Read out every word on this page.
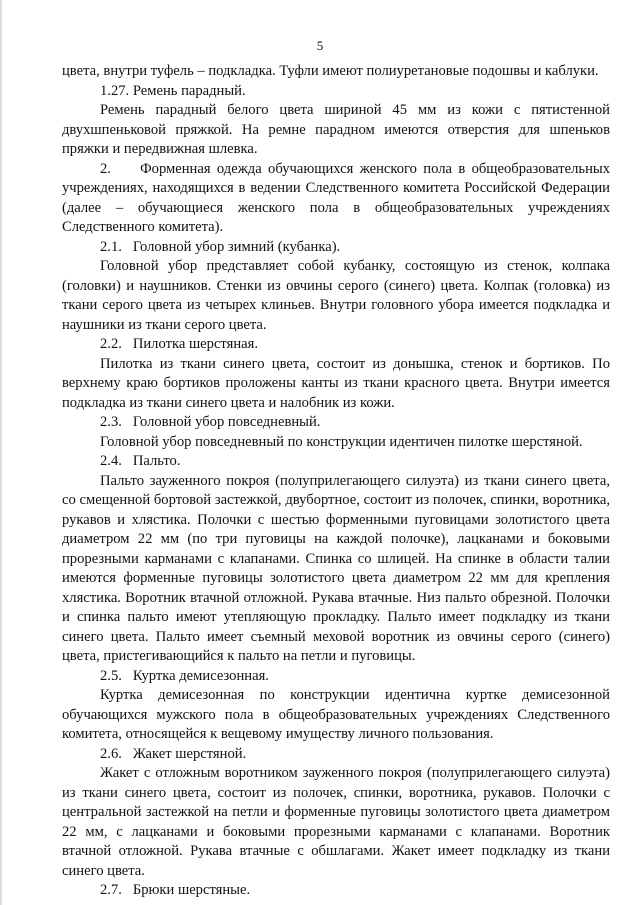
5

цвета, внутри туфель – подкладка. Туфли имеют полиуретановые подошвы и каблуки.

1.27. Ремень парадный.

Ремень парадный белого цвета шириной 45 мм из кожи с пятистенной двухшпеньковой пряжкой. На ремне парадном имеются отверстия для шпеньков пряжки и передвижная шлевка.

2.  Форменная одежда обучающихся женского пола в общеобразовательных учреждениях, находящихся в ведении Следственного комитета Российской Федерации (далее – обучающиеся женского пола в общеобразовательных учреждениях Следственного комитета).

2.1.  Головной убор зимний (кубанка).

Головной убор представляет собой кубанку, состоящую из стенок, колпака (головки) и наушников. Стенки из овчины серого (синего) цвета. Колпак (головка) из ткани серого цвета из четырех клиньев. Внутри головного убора имеется подкладка и наушники из ткани серого цвета.

2.2.  Пилотка шерстяная.

Пилотка из ткани синего цвета, состоит из донышка, стенок и бортиков. По верхнему краю бортиков проложены канты из ткани красного цвета. Внутри имеется подкладка из ткани синего цвета и налобник из кожи.

2.3.  Головной убор повседневный.

Головной убор повседневный по конструкции идентичен пилотке шерстяной.

2.4.  Пальто.

Пальто зауженного покроя (полуприлегающего силуэта) из ткани синего цвета, со смещенной бортовой застежкой, двубортное, состоит из полочек, спинки, воротника, рукавов и хлястика. Полочки с шестью форменными пуговицами золотистого цвета диаметром 22 мм (по три пуговицы на каждой полочке), лацканами и боковыми прорезными карманами с клапанами. Спинка со шлицей. На спинке в области талии имеются форменные пуговицы золотистого цвета диаметром 22 мм для крепления хлястика. Воротник втачной отложной. Рукава втачные. Низ пальто обрезной. Полочки и спинка пальто имеют утепляющую прокладку. Пальто имеет подкладку из ткани синего цвета. Пальто имеет съемный меховой воротник из овчины серого (синего) цвета, пристегивающийся к пальто на петли и пуговицы.

2.5.  Куртка демисезонная.

Куртка демисезонная по конструкции идентична куртке демисезонной обучающихся мужского пола в общеобразовательных учреждениях Следственного комитета, относящейся к вещевому имуществу личного пользования.

2.6.  Жакет шерстяной.

Жакет с отложным воротником зауженного покроя (полуприлегающего силуэта) из ткани синего цвета, состоит из полочек, спинки, воротника, рукавов. Полочки с центральной застежкой на петли и форменные пуговицы золотистого цвета диаметром 22 мм, с лацканами и боковыми прорезными карманами с клапанами. Воротник втачной отложной. Рукава втачные с обшлагами. Жакет имеет подкладку из ткани синего цвета.

2.7.  Брюки шерстяные.
